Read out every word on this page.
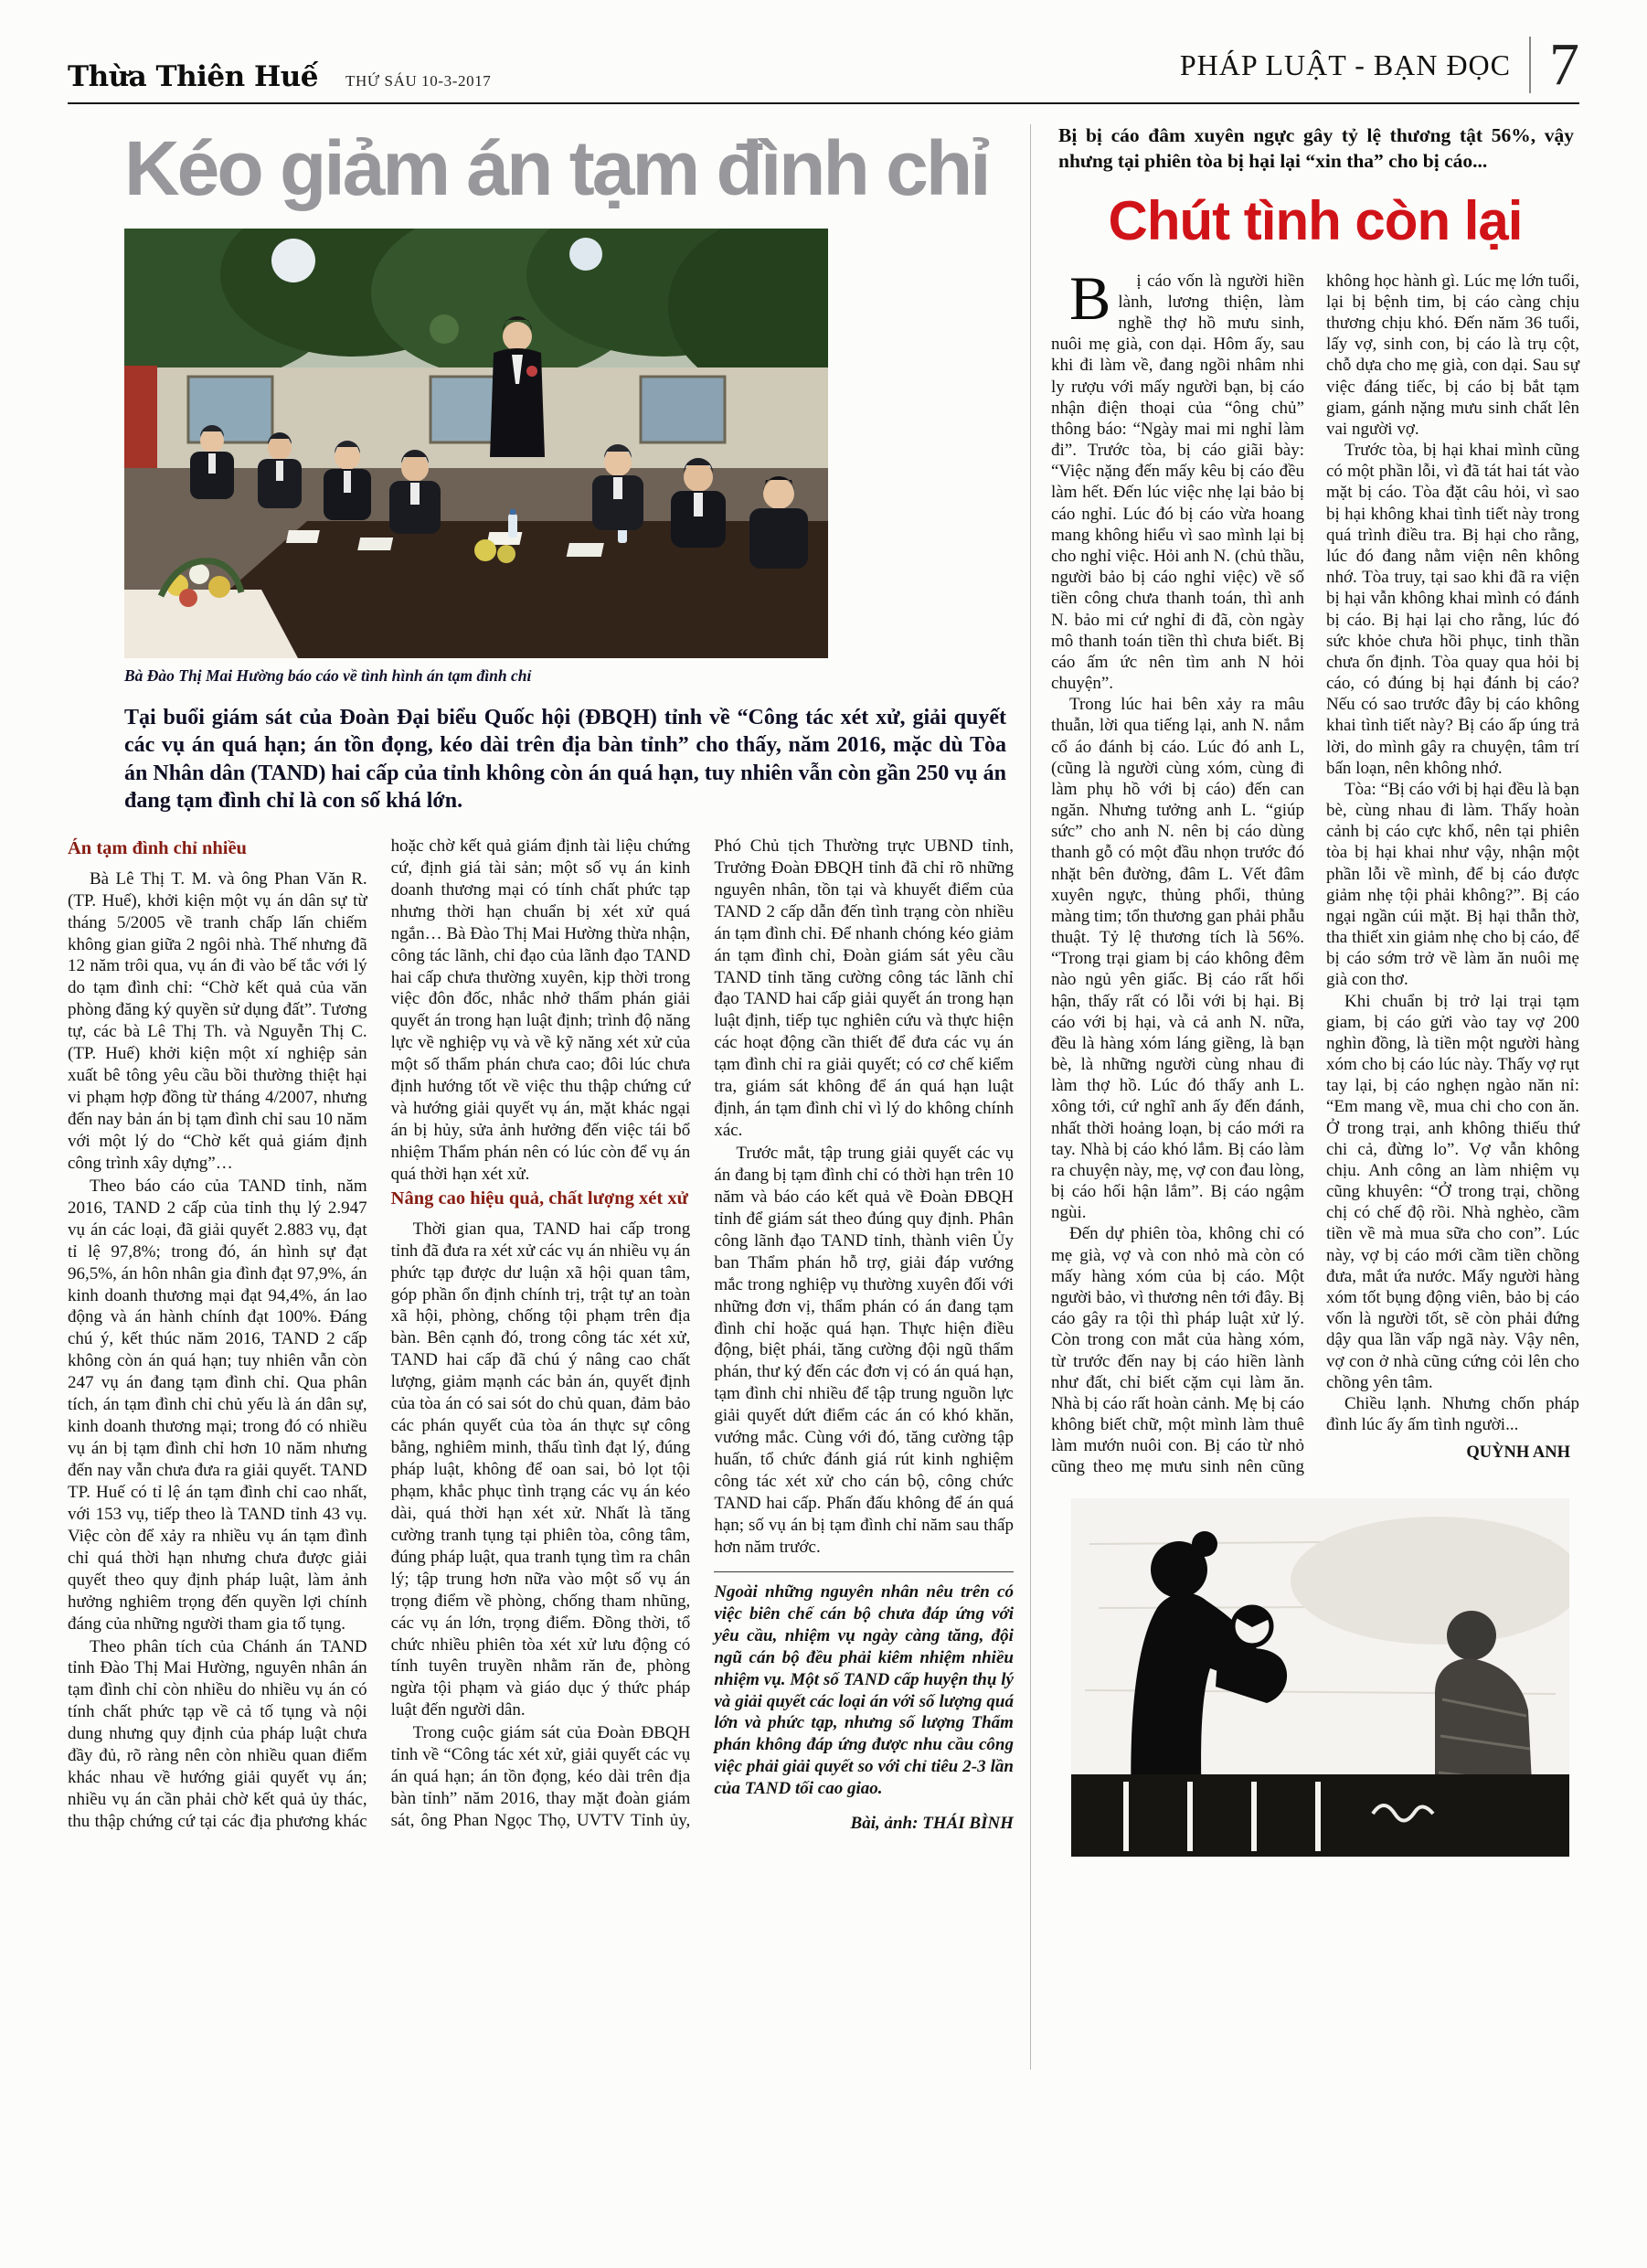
Thừa Thiên Huế THỨ SÁU 10-3-2017	PHÁP LUẬT - BẠN ĐỌC 7
Kéo giảm án tạm đình chỉ
Bà Đào Thị Mai Hường báo cáo về tình hình án tạm đình chỉ

Tại buổi giám sát của Đoàn Đại biểu Quốc hội (ĐBQH) tỉnh về “Công tác xét xử, giải quyết các vụ án quá hạn; án tồn đọng, kéo dài trên địa bàn tỉnh” cho thấy, năm 2016, mặc dù Tòa án Nhân dân (TAND) hai cấp của tỉnh không còn án quá hạn, tuy nhiên vẫn còn gần 250 vụ án đang tạm đình chỉ là con số khá lớn.

Án tạm đình chỉ nhiều

Bà Lê Thị T. M. và ông Phan Văn R. (TP. Huế), khởi kiện một vụ án dân sự từ tháng 5/2005 về tranh chấp lấn chiếm không gian giữa 2 ngôi nhà. Thế nhưng đã 12 năm trôi qua, vụ án đi vào bế tắc với lý do tạm đình chỉ: “Chờ kết quả của văn phòng đăng ký quyền sử dụng đất”. Tương tự, các bà Lê Thị Th. và Nguyễn Thị C. (TP. Huế) khởi kiện một xí nghiệp sản xuất bê tông yêu cầu bồi thường thiệt hại vi phạm hợp đồng từ tháng 4/2007, nhưng đến nay bản án bị tạm đình chỉ sau 10 năm với một lý do “Chờ kết quả giám định công trình xây dựng”…

Theo báo cáo của TAND tỉnh, năm 2016, TAND 2 cấp của tỉnh thụ lý 2.947 vụ án các loại, đã giải quyết 2.883 vụ, đạt tỉ lệ 97,8%; trong đó, án hình sự đạt 96,5%, án hôn nhân gia đình đạt 97,9%, án kinh doanh thương mại đạt 94,4%, án lao động và án hành chính đạt 100%. Đáng chú ý, kết thúc năm 2016, TAND 2 cấp không còn án quá hạn; tuy nhiên vẫn còn 247 vụ án đang tạm đình chỉ. Qua phân tích, án tạm đình chỉ chủ yếu là án dân sự, kinh doanh thương mại; trong đó có nhiều vụ án bị tạm đình chỉ hơn 10 năm nhưng đến nay vẫn chưa đưa ra giải quyết. TAND TP. Huế có tỉ lệ án tạm đình chỉ cao nhất, với 153 vụ, tiếp theo là TAND tỉnh 43 vụ. Việc còn để xảy ra nhiều vụ án tạm đình chỉ quá thời hạn nhưng chưa được giải quyết theo quy định pháp luật, làm ảnh hưởng nghiêm trọng đến quyền lợi chính đáng của những người tham gia tố tụng.

Theo phân tích của Chánh án TAND tỉnh Đào Thị Mai Hường, nguyên nhân án tạm đình chỉ còn nhiều do nhiều vụ án có tính chất phức tạp về cả tố tụng và nội dung nhưng quy định của pháp luật chưa đầy đủ, rõ ràng nên còn nhiều quan điểm khác nhau về hướng giải quyết vụ án; nhiều vụ án cần phải chờ kết quả ủy thác, thu thập chứng cứ tại các địa phương khác hoặc chờ kết quả giám định tài liệu chứng cứ, định giá tài sản; một số vụ án kinh doanh thương mại có tính chất phức tạp nhưng thời hạn chuẩn bị xét xử quá ngắn… Bà Đào Thị Mai Hường thừa nhận, công tác lãnh, chỉ đạo của lãnh đạo TAND hai cấp chưa thường xuyên, kịp thời trong việc đôn đốc, nhắc nhở thẩm phán giải quyết án trong hạn luật định; trình độ năng lực về nghiệp vụ và về kỹ năng xét xử của một số thẩm phán chưa cao; đôi lúc chưa định hướng tốt về việc thu thập chứng cứ và hướng giải quyết vụ án, mặt khác ngại án bị hủy, sửa ảnh hưởng đến việc tái bổ nhiệm Thẩm phán nên có lúc còn để vụ án quá thời hạn xét xử.

Nâng cao hiệu quả, chất lượng xét xử

Thời gian qua, TAND hai cấp trong tỉnh đã đưa ra xét xử các vụ án nhiều vụ án phức tạp được dư luận xã hội quan tâm, góp phần ổn định chính trị, trật tự an toàn xã hội, phòng, chống tội phạm trên địa bàn. Bên cạnh đó, trong công tác xét xử, TAND hai cấp đã chú ý nâng cao chất lượng, giảm mạnh các bản án, quyết định của tòa án có sai sót do chủ quan, đảm bảo các phán quyết của tòa án thực sự công bằng, nghiêm minh, thấu tình đạt lý, đúng pháp luật, không để oan sai, bỏ lọt tội phạm, khắc phục tình trạng các vụ án kéo dài, quá thời hạn xét xử. Nhất là tăng cường tranh tụng tại phiên tòa, công tâm, đúng pháp luật, qua tranh tụng tìm ra chân lý; tập trung hơn nữa vào một số vụ án trọng điểm về phòng, chống tham nhũng, các vụ án lớn, trọng điểm. Đồng thời, tổ chức nhiều phiên tòa xét xử lưu động có tính tuyên truyền nhằm răn đe, phòng ngừa tội phạm và giáo dục ý thức pháp luật đến người dân.

Trong cuộc giám sát của Đoàn ĐBQH tỉnh về “Công tác xét xử, giải quyết các vụ án quá hạn; án tồn đọng, kéo dài trên địa bàn tỉnh” năm 2016, thay mặt đoàn giám sát, ông Phan Ngọc Thọ, UVTV Tỉnh ủy, Phó Chủ tịch Thường trực UBND tỉnh, Trưởng Đoàn ĐBQH tỉnh đã chỉ rõ những nguyên nhân, tồn tại và khuyết điểm của TAND 2 cấp dẫn đến tình trạng còn nhiều án tạm đình chỉ. Để nhanh chóng kéo giảm án tạm đình chỉ, Đoàn giám sát yêu cầu TAND tỉnh tăng cường công tác lãnh chỉ đạo TAND hai cấp giải quyết án trong hạn luật định, tiếp tục nghiên cứu và thực hiện các hoạt động cần thiết để đưa các vụ án tạm đình chỉ ra giải quyết; có cơ chế kiểm tra, giám sát không để án quá hạn luật định, án tạm đình chỉ vì lý do không chính xác.

Trước mắt, tập trung giải quyết các vụ án đang bị tạm đình chỉ có thời hạn trên 10 năm và báo cáo kết quả về Đoàn ĐBQH tỉnh để giám sát theo đúng quy định. Phân công lãnh đạo TAND tỉnh, thành viên Ủy ban Thẩm phán hỗ trợ, giải đáp vướng mắc trong nghiệp vụ thường xuyên đối với những đơn vị, thẩm phán có án đang tạm đình chỉ hoặc quá hạn. Thực hiện điều động, biệt phái, tăng cường đội ngũ thẩm phán, thư ký đến các đơn vị có án quá hạn, tạm đình chỉ nhiều để tập trung nguồn lực giải quyết dứt điểm các án có khó khăn, vướng mắc. Cùng với đó, tăng cường tập huấn, tổ chức đánh giá rút kinh nghiệm công tác xét xử cho cán bộ, công chức TAND hai cấp. Phấn đấu không để án quá hạn; số vụ án bị tạm đình chỉ năm sau thấp hơn năm trước.

Ngoài những nguyên nhân nêu trên có việc biên chế cán bộ chưa đáp ứng với yêu cầu, nhiệm vụ ngày càng tăng, đội ngũ cán bộ đều phải kiêm nhiệm nhiều nhiệm vụ. Một số TAND cấp huyện thụ lý và giải quyết các loại án với số lượng quá lớn và phức tạp, nhưng số lượng Thẩm phán không đáp ứng được nhu cầu công việc phải giải quyết so với chỉ tiêu 2-3 lần của TAND tối cao giao.

Bài, ảnh: THÁI BÌNH

Bị bị cáo đâm xuyên ngực gây tỷ lệ thương tật 56%, vậy nhưng tại phiên tòa bị hại lại “xin tha” cho bị cáo...

Chút tình còn lại

Bị cáo vốn là người hiền lành, lương thiện, làm nghề thợ hồ mưu sinh, nuôi mẹ già, con dại. Hôm ấy, sau khi đi làm về, đang ngồi nhâm nhi ly rượu với mấy người bạn, bị cáo nhận điện thoại của “ông chủ” thông báo: “Ngày mai mi nghỉ làm đi”. Trước tòa, bị cáo giãi bày: “Việc nặng đến mấy kêu bị cáo đều làm hết. Đến lúc việc nhẹ lại bảo bị cáo nghỉ. Lúc đó bị cáo vừa hoang mang không hiểu vì sao mình lại bị cho nghỉ việc. Hỏi anh N. (chủ thầu, người bảo bị cáo nghỉ việc) về số tiền công chưa thanh toán, thì anh N. bảo mi cứ nghỉ đi đã, còn ngày mô thanh toán tiền thì chưa biết. Bị cáo ấm ức nên tìm anh N hỏi chuyện”.

Trong lúc hai bên xảy ra mâu thuẫn, lời qua tiếng lại, anh N. nắm cổ áo đánh bị cáo. Lúc đó anh L, (cũng là người cùng xóm, cùng đi làm phụ hồ với bị cáo) đến can ngăn. Nhưng tưởng anh L. “giúp sức” cho anh N. nên bị cáo dùng thanh gỗ có một đầu nhọn trước đó nhặt bên đường, đâm L. Vết đâm xuyên ngực, thủng phổi, thủng màng tim; tổn thương gan phải phẫu thuật. Tỷ lệ thương tích là 56%. “Trong trại giam bị cáo không đêm nào ngủ yên giấc. Bị cáo rất hối hận, thấy rất có lỗi với bị hại. Bị cáo với bị hại, và cả anh N. nữa, đều là hàng xóm láng giềng, là bạn bè, là những người cùng nhau đi làm thợ hồ. Lúc đó thấy anh L. xông tới, cứ nghĩ anh ấy đến đánh, nhất thời hoảng loạn, bị cáo mới ra tay. Nhà bị cáo khó lắm. Bị cáo làm ra chuyện này, mẹ, vợ con đau lòng, bị cáo hối hận lắm”. Bị cáo ngậm ngùi.

Đến dự phiên tòa, không chỉ có mẹ già, vợ và con nhỏ mà còn có mấy hàng xóm của bị cáo. Một người bảo, vì thương nên tới đây. Bị cáo gây ra tội thì pháp luật xử lý. Còn trong con mắt của hàng xóm, từ trước đến nay bị cáo hiền lành như đất, chỉ biết cặm cụi làm ăn. Nhà bị cáo rất hoàn cảnh. Mẹ bị cáo không biết chữ, một mình làm thuê làm mướn nuôi con. Bị cáo từ nhỏ cũng theo mẹ mưu sinh nên cũng không học hành gì. Lúc mẹ lớn tuổi, lại bị bệnh tim, bị cáo càng chịu thương chịu khó. Đến năm 36 tuổi, lấy vợ, sinh con, bị cáo là trụ cột, chỗ dựa cho mẹ già, con dại. Sau sự việc đáng tiếc, bị cáo bị bắt tạm giam, gánh nặng mưu sinh chất lên vai người vợ.

Trước tòa, bị hại khai mình cũng có một phần lỗi, vì đã tát hai tát vào mặt bị cáo. Tòa đặt câu hỏi, vì sao bị hại không khai tình tiết này trong quá trình điều tra. Bị hại cho rằng, lúc đó đang nằm viện nên không nhớ. Tòa truy, tại sao khi đã ra viện bị hại vẫn không khai mình có đánh bị cáo. Bị hại lại cho rằng, lúc đó sức khỏe chưa hồi phục, tinh thần chưa ổn định. Tòa quay qua hỏi bị cáo, có đúng bị hại đánh bị cáo? Nếu có sao trước đây bị cáo không khai tình tiết này? Bị cáo ấp úng trả lời, do mình gây ra chuyện, tâm trí bấn loạn, nên không nhớ.

Tòa: “Bị cáo với bị hại đều là bạn bè, cùng nhau đi làm. Thấy hoàn cảnh bị cáo cực khổ, nên tại phiên tòa bị hại khai như vậy, nhận một phần lỗi về mình, để bị cáo được giảm nhẹ tội phải không?”. Bị cáo ngại ngần cúi mặt. Bị hại thẫn thờ, tha thiết xin giảm nhẹ cho bị cáo, để bị cáo sớm trở về làm ăn nuôi mẹ già con thơ.

Khi chuẩn bị trở lại trại tạm giam, bị cáo gửi vào tay vợ 200 nghìn đồng, là tiền một người hàng xóm cho bị cáo lúc này. Thấy vợ rụt tay lại, bị cáo nghẹn ngào năn nỉ: “Em mang về, mua chi cho con ăn. Ở trong trại, anh không thiếu thứ chi cả, đừng lo”. Vợ vẫn không chịu. Anh công an làm nhiệm vụ cũng khuyên: “Ở trong trại, chồng chị có chế độ rồi. Nhà nghèo, cầm tiền về mà mua sữa cho con”. Lúc này, vợ bị cáo mới cầm tiền chồng đưa, mắt ứa nước. Mấy người hàng xóm tốt bụng động viên, bảo bị cáo vốn là người tốt, sẽ còn phải đứng dậy qua lần vấp ngã này. Vậy nên, vợ con ở nhà cũng cứng cỏi lên cho chồng yên tâm.

Chiều lạnh. Nhưng chốn pháp đình lúc ấy ấm tình người...

QUỲNH ANH
